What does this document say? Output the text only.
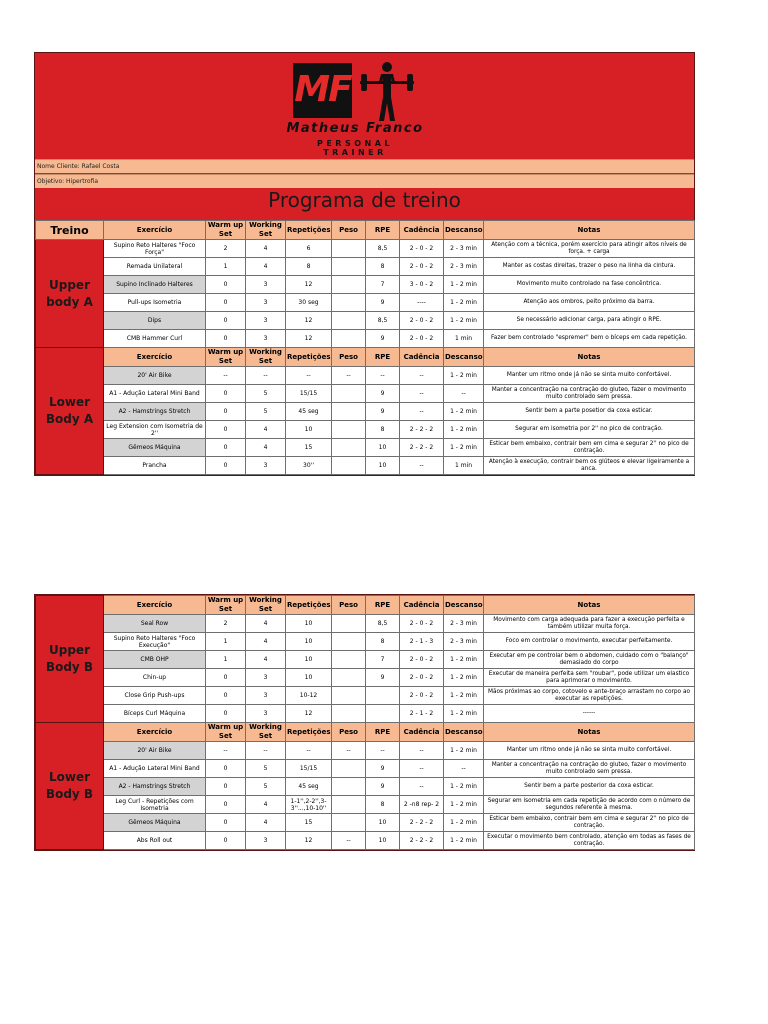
MF
Matheus Franco
PERSONAL TRAINER
Nome Cliente: Rafael Costa
Objetivo: Hipertrofia
Programa de treino
Treino	Exercício	Warm up Set	Working Set	Repetições	Peso	RPE	Cadência	Descanso	Notas
Upper body A	Supino Reto Halteres "Foco Força"	2	4	6		8,5	2 - 0 - 2	2 - 3 min	Atenção com a técnica, porém exercício para atingir altos níveis de força. + carga
	Remada Unilateral	1	4	8		8	2 - 0 - 2	2 - 3 min	Manter as costas direitas, trazer o peso na linha da cintura.
	Supino Inclinado Halteres	0	3	12		7	3 - 0 - 2	1 - 2 min	Movimento muito controlado na fase concêntrica.
	Pull-ups Isometria	0	3	30 seg		9	----	1 - 2 min	Atenção aos ombros, peito próximo da barra.
	Dips	0	3	12		8,5	2 - 0 - 2	1 - 2 min	Se necessário adicionar carga, para atingir o RPE.
	CMB Hammer Curl	0	3	12		9	2 - 0 - 2	1 min	Fazer bem controlado "espremer" bem o bíceps em cada repetição.
Lower Body A	Exercício	Warm up Set	Working Set	Repetições	Peso	RPE	Cadência	Descanso	Notas
	20' Air Bike	--	--	--	--	--	--	1 - 2 min	Manter um ritmo onde já não se sinta muito confortável.
	A1 - Adução Lateral Mini Band	0	5	15/15		9	--	--	Manter a concentração na contração do gluteo, fazer o movimento muito controlado sem pressa.
	A2 - Hamstrings Stretch	0	5	45 seg		9	--	1 - 2 min	Sentir bem a parte posetior da coxa esticar.
	Leg Extension com Isometria de 2''	0	4	10		8	2 - 2 - 2	1 - 2 min	Segurar em isometria por 2'' no pico de contração.
	Gêmeos Máquina	0	4	15		10	2 - 2 - 2	1 - 2 min	Esticar bem embaixo, contrair bem em cima e segurar 2'' no pico de contração.
	Prancha	0	3	30''		10	--	1 min	Atenção à execução, contrair bem os glúteos e elevar ligeiramente a anca.
Upper Body B	Exercício	Warm up Set	Working Set	Repetições	Peso	RPE	Cadência	Descanso	Notas
	Seal Row	2	4	10		8,5	2 - 0 - 2	2 - 3 min	Movimento com carga adequada para fazer a execução perfeita e também utilizar muita força.
	Supino Reto Halteres "Foco Execução"	1	4	10		8	2 - 1 - 3	2 - 3 min	Foco em controlar o movimento, executar perfeitamente.
	CMB OHP	1	4	10		7	2 - 0 - 2	1 - 2 min	Executar em pe controlar bem o abdomen, cuidado com o "balanço" demasiado do corpo
	Chin-up	0	3	10		9	2 - 0 - 2	1 - 2 min	Executar de maneira perfeita sem "roubar", pode utilizar um elastico para aprimorar o movimento.
	Close Grip Push-ups	0	3	10-12			2 - 0 - 2	1 - 2 min	Mãos próximas ao corpo, cotovelo e ante-braço arrastam no corpo ao executar as repetições.
	Bíceps Curl Máquina	0	3	12			2 - 1 - 2	1 - 2 min	------
Lower Body B	Exercício	Warm up Set	Working Set	Repetições	Peso	RPE	Cadência	Descanso	Notas
	20' Air Bike	--	--	--	--	--	--	1 - 2 min	Manter um ritmo onde já não se sinta muito confortável.
	A1 - Adução Lateral Mini Band	0	5	15/15		9	--	--	Manter a concentração na contração do gluteo, fazer o movimento muito controlado sem pressa.
	A2 - Hamstrings Stretch	0	5	45 seg		9	--	1 - 2 min	Sentir bem a parte posterior da coxa esticar.
	Leg Curl - Repetições com Isometria	0	4	1-1'',2-2'',3-3''...,10-10''		8	2 -n8 rep- 2	1 - 2 min	Segurar em isometria em cada repetição de acordo com o número de segundos referente à mesma.
	Gêmeos Máquina	0	4	15		10	2 - 2 - 2	1 - 2 min	Esticar bem embaixo, contrair bem em cima e segurar 2'' no pico de contração.
	Abs Roll out	0	3	12	--	10	2 - 2 - 2	1 - 2 min	Executar o movimento bem controlado, atenção em todas as fases de contração.
